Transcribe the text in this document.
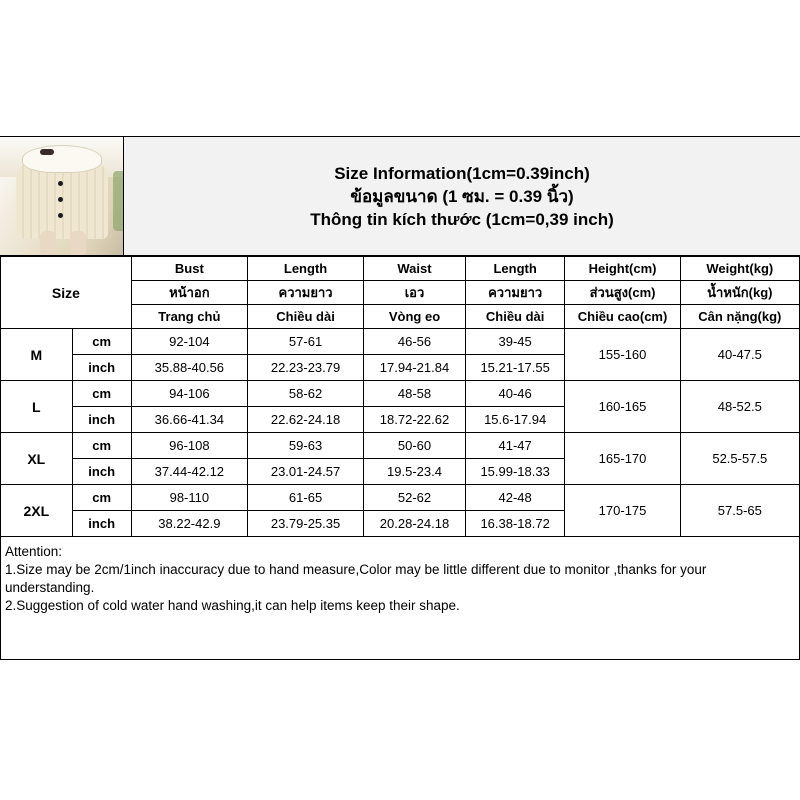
Size Information(1cm=0.39inch)
ข้อมูลขนาด (1 ซม. = 0.39 นิ้ว)
Thông tin kích thước (1cm=0,39 inch)
Size		Bust	Length	Waist	Length	Height(cm)	Weight(kg)
		หน้าอก	ความยาว	เอว	ความยาว	ส่วนสูง(cm)	น้ำหนัก(kg)
		Trang chủ	Chiều dài	Vòng eo	Chiều dài	Chiều cao(cm)	Cân nặng(kg)
M	cm	92-104	57-61	46-56	39-45	155-160	40-47.5
	inch	35.88-40.56	22.23-23.79	17.94-21.84	15.21-17.55		
L	cm	94-106	58-62	48-58	40-46	160-165	48-52.5
	inch	36.66-41.34	22.62-24.18	18.72-22.62	15.6-17.94		
XL	cm	96-108	59-63	50-60	41-47	165-170	52.5-57.5
	inch	37.44-42.12	23.01-24.57	19.5-23.4	15.99-18.33		
2XL	cm	98-110	61-65	52-62	42-48	170-175	57.5-65
	inch	38.22-42.9	23.79-25.35	20.28-24.18	16.38-18.72		

Attention:

1.Size may be 2cm/1inch inaccuracy due to hand measure,Color may be little different due to monitor ,thanks for your understanding.

2.Suggestion of cold water hand washing,it can help items keep their shape.
